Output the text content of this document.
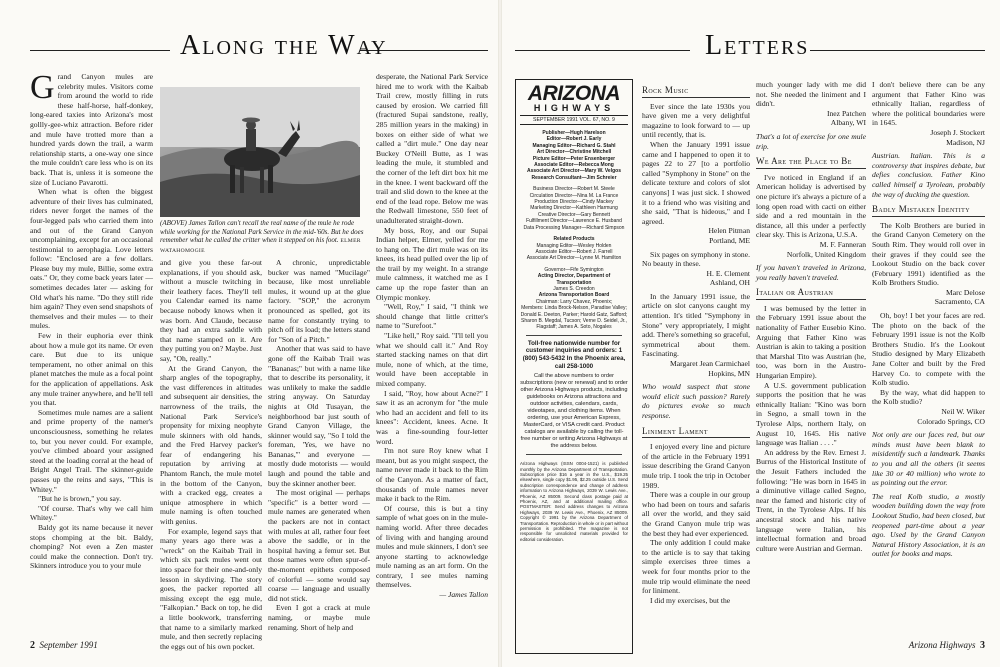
Along the Way

Grand Canyon mules are celebrity mules. Visitors come from around the world to ride these half-horse, half-donkey, long-eared taxies into Arizona's most gollly-gee-whiz attraction. Before rider and mule have trotted more than a hundred yards down the trail, a warm relationship starts, a one-way one since the mule couldn't care less who is on its back. That is, unless it is someone the size of Luciano Pavarotti.

When what is often the biggest adventure of their lives has culminated, riders never forget the names of the four-legged pals who carried them into and out of the Grand Canyon uncomplaining, except for an occasional testimonial to aerophagia. Love letters follow: "Enclosed are a few dollars. Please buy my mule, Billie, some extra oats." Or, they come back years later — sometimes decades later — asking for Old what's his name. "Do they still ride him again? They even send snapshots of themselves and their mules — to their mules.

Few in their euphoria ever think about how a mule got its name. Or even care. But due to its unique temperament, no other animal on this planet matches the mule as a focal point for the application of appellations. Ask any mule trainer anywhere, and he'll tell you that.

Sometimes mule names are a salient and prime property of the namer's unconsciousness, something he relates to, but you never could. For example, you've climbed aboard your assigned steed at the loading corral at the head of Bright Angel Trail. The skinner-guide passes up the reins and says, "This is Whitey."

"But he is brown," you say.

"Of course. That's why we call him Whitey."

Baldy got its name because it never stops chomping at the bit. Baldy, chomping? Not even a Zen master could make the connection. Don't try. Skinners introduce you to your mule

(ABOVE) James Tallon can't recall the real name of the mule he rode while working for the National Park Service in the mid-'60s. But he does remember what he called the critter when it stepped on his foot. ELMER WATAHOMOGIE

and give you these far-out explanations, if you should ask, without a muscle twitching in their leathery faces. They'll tell you Calendar earned its name because nobody knows when it was born. And Claude, because they had an extra saddle with that name stamped on it. Are they putting you on? Maybe. Just say, "Oh, really."

At the Grand Canyon, the sharp angles of the topography, the vast differences in altitudes and subsequent air densities, the narrowness of the trails, the National Park Service's propensity for mixing neophyte mule skinners with old hands, and the Fred Harvey packer's fear of endangering his reputation by arriving at Phantom Ranch, the mule motel in the bottom of the Canyon, with a cracked egg, creates a unique atmosphere in which mule naming is often touched with genius.

For example, legend says that many years ago there was a "wreck" on the Kaibab Trail in which six pack mules went out into space for their one-and-only lesson in skydiving. The story goes, the packer reported all missing except the egg mule, "Falkopian." Back on top, he did a little bookwork, transferring that name to a similarly marked mule, and then secretly replacing the eggs out of his own pocket.

A chronic, unpredictable bucker was named "Mucilage" because, like most unreliable mules, it wound up at the glue factory. "SOP," the acronym pronounced as spelled, got its name for constantly trying to pitch off its load; the letters stand for "Son of a Pitch."

Another that was said to have gone off the Kaibab Trail was "Bananas;" but with a name like that to describe its personality, it was unlikely to make the saddle string anyway. On Saturday nights at Old Tusayan, the neighborhood bar just south of Grand Canyon Village, the skinner would say, "So I told the foreman, 'Yes, we have no Bananas,'" and everyone — mostly dude motorists — would laugh and pound the table and buy the skinner another beer.

The most original — perhaps "specific" is a better word — mule names are generated when the packers are not in contact with mules at all, rather four feet above the saddle, or in the hospital having a femur set. But those names were often spur-of-the-moment epithets composed of colorful — some would say coarse — language and usually did not stick.

Even I got a crack at mule naming, or maybe mule renaming. Short of help and

desperate, the National Park Service hired me to work with the Kaibab Trail crew, mostly filling in ruts caused by erosion. We carried fill (fractured Supai sandstone, really, 285 million years in the making) in boxes on either side of what we called a "dirt mule." One day near Buckey O'Neill Butte, as I was leading the mule, it stumbled and the corner of the left dirt box hit me in the knee. I went backward off the trail and slid down to the knee at the end of the lead rope. Below me was the Redwall limestone, 550 feet of unadulterated straight-down.

My boss, Roy, and our Supai Indian helper, Elmer, yelled for me to hang on. The dirt mule was on its knees, its head pulled over the lip of the trail by my weight. In a strange mule calmness, it watched me as I came up the rope faster than an Olympic monkey.

"Well, Roy," I said, "I think we should change that little critter's name to "Surefoot."

"Like hell," Roy said. "I'll tell you what we should call it." And Roy started stacking names on that dirt mule, none of which, at the time, would have been acceptable in mixed company.

I said, "Roy, how about Acne?" I saw it as an acronym for "the mule who had an accident and fell to its knees": Accident, knees. Acne. It was a fine-sounding four-letter word.

I'm not sure Roy knew what I meant, but as you might suspect, the name never made it back to the Rim of the Canyon. As a matter of fact, thousands of mule names never make it back to the Rim.

Of course, this is but a tiny sample of what goes on in the mule-naming world. After three decades of living with and hanging around mules and mule skinners, I don't see anyone starting to acknowledge mule naming as an art form. On the contrary, I see mules naming themselves.

— James Tallon

2 September 1991
Letters
ARIZONA
HIGHWAYS
SEPTEMBER 1991 VOL. 67, NO. 9
Publisher—Hugh Harelson
Editor—Robert J. Early
Managing Editor—Richard G. Stahl
Art Director—Christine Mitchell
Picture Editor—Peter Ensenberger
Associate Editor—Rebecca Mong
Associate Art Director—Mary W. Velgos
Research Consultant—Jim Schreier
Business Director—Robert M. Steele
Circulation Director—Nina M. La France
Production Director—Cindy Mackey
Marketing Director—Kathleen Harmung
Creative Director—Gary Bennett
Fulfillment Director—Lawrence E. Husband
Data Processing Manager—Richard Simpson
Related Products
Managing Editor—Wesley Holden
Associate Editor—Robert J. Farrell
Associate Art Director—Lynne M. Hamilton
Governor—Fife Symington
Acting Director, Department of Transportation
James S. Creedon
Arizona Transportation Board
Chairman: Larry Chavez, Phoenix;
Members: Linda Brock-Nelson, Paradise Valley; Donald E. Deeton, Parker; Harold Gatz, Safford; Sharon B. Megdal, Tucson; Verne D. Seidel, Jr., Flagstaff; James A. Soto, Nogales
Toll-free nationwide number for customer inquiries and orders: 1 (800) 543-5432 In the Phoenix area, call 258-1000
Call the above numbers to order subscriptions (new or renewal) and to order other Arizona Highways products, including guidebooks on Arizona attractions and outdoor activities, calendars, cards, videotapes, and clothing items. When ordering, use your American Express, MasterCard, or VISA credit card. Product catalogs are available by calling the toll-free number or writing Arizona Highways at the address below.
Arizona Highways (ISSN 0004-1521) is published monthly by the Arizona Department of Transportation. Subscription price $16 a year in the U.S., $19.25 elsewhere, single copy $1.95, $2.25 outside U.S. Send subscription correspondence and change of address information to Arizona Highways, 2039 W. Lewis Ave., Phoenix, AZ 85009. Second class postage paid at Phoenix, AZ, and at additional mailing office. POSTMASTER: Send address changes to Arizona Highways, 2039 W. Lewis Ave., Phoenix, AZ 85009. Copyright © 1991 by the Arizona Department of Transportation. Reproduction in whole or in part without permission is prohibited. The magazine is not responsible for unsolicited materials provided for editorial consideration.
Rock Music

Ever since the late 1930s you have given me a very delightful magazine to look forward to — up until recently, that is.

When the January 1991 issue came and I happened to open it to pages 22 to 27 [to a portfolio called "Symphony in Stone" on the delicate texture and colors of slot canyons] I was just sick. I showed it to a friend who was visiting and she said, "That is hideous," and I agreed.

Helen Pitman

Portland, ME

Six pages on symphony in stone. No beauty in these.

H. E. Clement

Ashland, OH

In the January 1991 issue, the article on slot canyons caught my attention. It's titled "Symphony in Stone" very appropriately, I might add. There's something so graceful, symmetrical about them. Fascinating.

Margaret Jean Carmichael

Hopkins, MN

Who would suspect that stone would elicit such passion? Rarely do pictures evoke so much response.

Liniment Lament

I enjoyed every line and picture of the article in the February 1991 issue describing the Grand Canyon mule trip. I took the trip in October 1989.

There was a couple in our group who had been on tours and safaris all over the world, and they said the Grand Canyon mule trip was the best they had ever experienced.

The only addition I could make to the article is to say that taking simple exercises three times a week for four months prior to the mule trip would eliminate the need for liniment.

I did my exercises, but the

much younger lady with me did not. She needed the liniment and I didn't.

Inez Patchen

Albany, WI

That's a lot of exercise for one mule trip.

We Are the Place to Be

I've noticed in England if an American holiday is advertised by one picture it's always a picture of a long open road with cacti on either side and a red mountain in the distance, all this under a perfectly clear sky. This is Arizona, U.S.A.

M. F. Fanneran

Norfolk, United Kingdom

If you haven't traveled in Arizona, you really haven't traveled.

Italian or Austrian

I was bemused by the letter in the February 1991 issue about the nationality of Father Eusebio Kino. Arguing that Father Kino was Austrian is akin to taking a position that Marshal Tito was Austrian (he, too, was born in the Austro-Hungarian Empire).

A U.S. government publication supports the position that he was ethnically Italian: "Kino was born in Segno, a small town in the Tyrolese Alps, northern Italy, on August 10, 1645. His native language was Italian . . . ."

An address by the Rev. Ernest J. Burrus of the Historical Institute of the Jesuit Fathers included the following: "He was born in 1645 in a diminutive village called Segno, near the famed and historic city of Trent, in the Tyrolese Alps. If his ancestral stock and his native language were Italian, his intellectual formation and broad culture were Austrian and German.

I don't believe there can be any argument that Father Kino was ethnically Italian, regardless of where the political boundaries were in 1645.

Joseph J. Stockert

Madison, NJ

Austrian. Italian. This is a controversy that inspires debate, but defies conclusion. Father Kino called himself a Tyrolean, probably the way of ducking the question.

Badly Mistaken Identity

The Kolb Brothers are buried in the Grand Canyon Cemetery on the South Rim. They would roll over in their graves if they could see the Lookout Studio on the back cover (February 1991) identified as the Kolb Brothers Studio.

Marc Delose

Sacramento, CA

Oh, boy! I bet your faces are red. The photo on the back of the February 1991 issue is not the Kolb Brothers Studio. It's the Lookout Studio designed by Mary Elizabeth Jane Colter and built by the Fred Harvey Co. to compete with the Kolb studio.

By the way, what did happen to the Kolb studio?

Neil W. Wiker

Colorado Springs, CO

Not only are our faces red, but our minds must have been blank to misidentify such a landmark. Thanks to you and all the others (it seems like 30 or 40 million) who wrote to us pointing out the error.

The real Kolb studio, a mostly wooden building down the way from Lookout Studio, had been closed, but reopened part-time about a year ago. Used by the Grand Canyon Natural History Association, it is an outlet for books and maps.

Arizona Highways 3
